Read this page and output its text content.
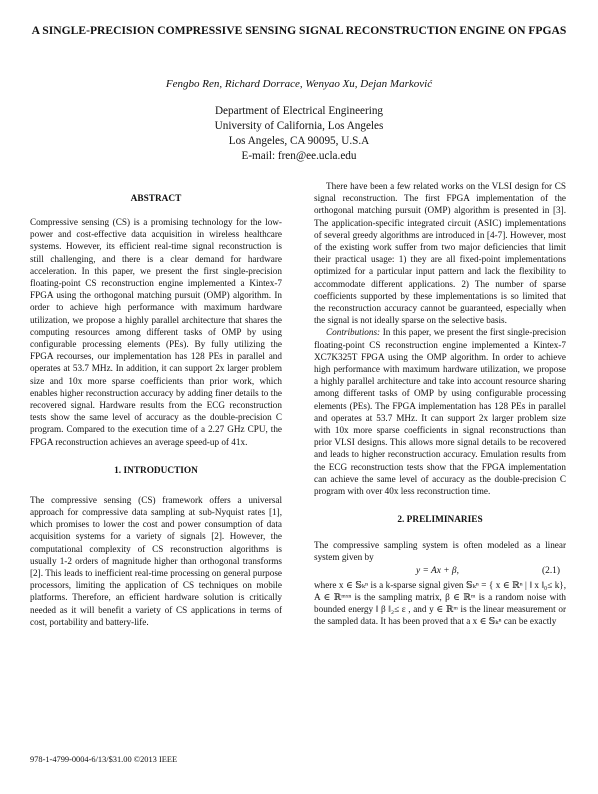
A SINGLE-PRECISION COMPRESSIVE SENSING SIGNAL RECONSTRUCTION ENGINE ON FPGAS
Fengbo Ren, Richard Dorrace, Wenyao Xu, Dejan Marković
Department of Electrical Engineering
University of California, Los Angeles
Los Angeles, CA 90095, U.S.A
E-mail: fren@ee.ucla.edu
ABSTRACT

Compressive sensing (CS) is a promising technology for the low-power and cost-effective data acquisition in wireless healthcare systems. However, its efficient real-time signal reconstruction is still challenging, and there is a clear demand for hardware acceleration. In this paper, we present the first single-precision floating-point CS reconstruction engine implemented a Kintex-7 FPGA using the orthogonal matching pursuit (OMP) algorithm. In order to achieve high performance with maximum hardware utilization, we propose a highly parallel architecture that shares the computing resources among different tasks of OMP by using configurable processing elements (PEs). By fully utilizing the FPGA recourses, our implementation has 128 PEs in parallel and operates at 53.7 MHz. In addition, it can support 2x larger problem size and 10x more sparse coefficients than prior work, which enables higher reconstruction accuracy by adding finer details to the recovered signal. Hardware results from the ECG reconstruction tests show the same level of accuracy as the double-precision C program. Compared to the execution time of a 2.27 GHz CPU, the FPGA reconstruction achieves an average speed-up of 41x.

1. INTRODUCTION

The compressive sensing (CS) framework offers a universal approach for compressive data sampling at sub-Nyquist rates [1], which promises to lower the cost and power consumption of data acquisition systems for a variety of signals [2]. However, the computational complexity of CS reconstruction algorithms is usually 1-2 orders of magnitude higher than orthogonal transforms [2]. This leads to inefficient real-time processing on general purpose processors, limiting the application of CS techniques on mobile platforms. Therefore, an efficient hardware solution is critically needed as it will benefit a variety of CS applications in terms of cost, portability and battery-life.

There have been a few related works on the VLSI design for CS signal reconstruction. The first FPGA implementation of the orthogonal matching pursuit (OMP) algorithm is presented in [3]. The application-specific integrated circuit (ASIC) implementations of several greedy algorithms are introduced in [4-7]. However, most of the existing work suffer from two major deficiencies that limit their practical usage: 1) they are all fixed-point implementations optimized for a particular input pattern and lack the flexibility to accommodate different applications. 2) The number of sparse coefficients supported by these implementations is so limited that the reconstruction accuracy cannot be guaranteed, especially when the signal is not ideally sparse on the selective basis.

Contributions: In this paper, we present the first single-precision floating-point CS reconstruction engine implemented a Kintex-7 XC7K325T FPGA using the OMP algorithm. In order to achieve high performance with maximum hardware utilization, we propose a highly parallel architecture and take into account resource sharing among different tasks of OMP by using configurable processing elements (PEs). The FPGA implementation has 128 PEs in parallel and operates at 53.7 MHz. It can support 2x larger problem size with 10x more sparse coefficients in signal reconstructions than prior VLSI designs. This allows more signal details to be recovered and leads to higher reconstruction accuracy. Emulation results from the ECG reconstruction tests show that the FPGA implementation can achieve the same level of accuracy as the double-precision C program with over 40x less reconstruction time.

2. PRELIMINARIES

The compressive sampling system is often modeled as a linear system given by

y = Ax + β,	(2.1)

where x ∈ 𝕊ₖⁿ is a k-sparse signal given 𝕊ₖⁿ = { x ∈ ℝⁿ | ‖ x ‖₀≤ k}, A ∈ ℝᵐˣⁿ is the sampling matrix, β ∈ ℝᵐ is a random noise with bounded energy ‖ β ‖₂≤ ε , and y ∈ ℝᵐ is the linear measurement or the sampled data. It has been proved that a x ∈ 𝕊ₖⁿ can be exactly

978-1-4799-0004-6/13/$31.00 ©2013 IEEE
